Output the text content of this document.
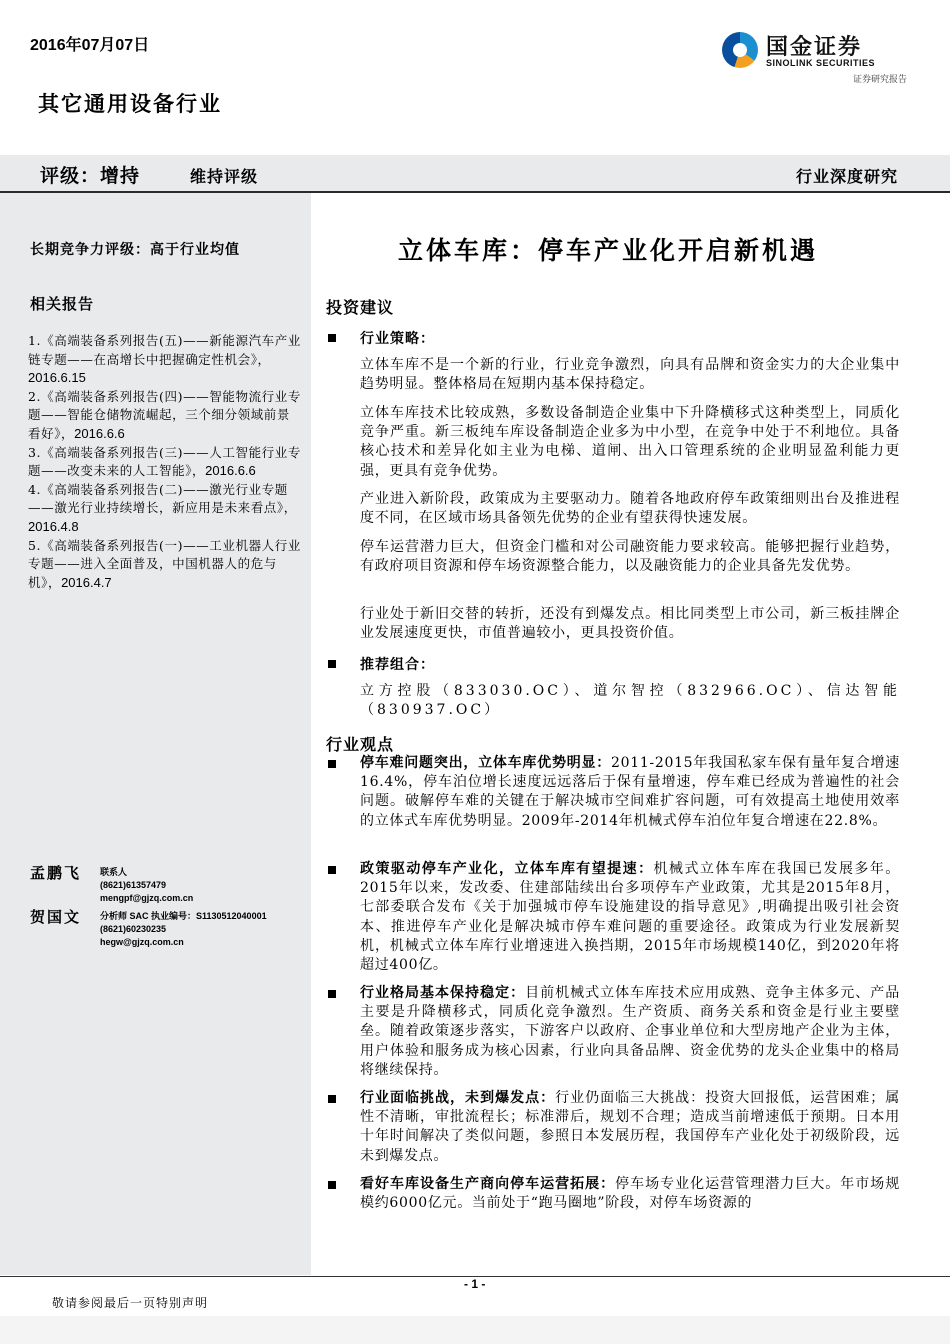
2016年07月07日	国金证券
SINOLINK SECURITIES
证券研究报告
其它通用设备行业
评级：增持	维持评级	行业深度研究
长期竞争力评级：高于行业均值
相关报告
1.《高端装备系列报告(五)——新能源汽车产业链专题——在高增长中把握确定性机会》，2016.6.15
2.《高端装备系列报告(四)——智能物流行业专题——智能仓储物流崛起，三个细分领域前景看好》，2016.6.6
3.《高端装备系列报告(三)——人工智能行业专题——改变未来的人工智能》，2016.6.6
4.《高端装备系列报告(二)——激光行业专题——激光行业持续增长，新应用是未来看点》，2016.4.8
5.《高端装备系列报告(一)——工业机器人行业专题——进入全面普及，中国机器人的危与机》，2016.4.7
孟鹏飞 联系人
(8621)61357479
mengpf@gjzq.com.cn
贺国文 分析师 SAC 执业编号：S1130512040001
(8621)60230235
hegw@gjzq.com.cn
立体车库：停车产业化开启新机遇
投资建议
行业策略：
立体车库不是一个新的行业，行业竞争激烈，向具有品牌和资金实力的大企业集中趋势明显。整体格局在短期内基本保持稳定。
立体车库技术比较成熟，多数设备制造企业集中下升降横移式这种类型上，同质化竞争严重。新三板纯车库设备制造企业多为中小型，在竞争中处于不利地位。具备核心技术和差异化如主业为电梯、道闸、出入口管理系统的企业明显盈利能力更强，更具有竞争优势。
产业进入新阶段，政策成为主要驱动力。随着各地政府停车政策细则出台及推进程度不同，在区域市场具备领先优势的企业有望获得快速发展。
停车运营潜力巨大，但资金门槛和对公司融资能力要求较高。能够把握行业趋势，有政府项目资源和停车场资源整合能力，以及融资能力的企业具备先发优势。
行业处于新旧交替的转折，还没有到爆发点。相比同类型上市公司，新三板挂牌企业发展速度更快，市值普遍较小，更具投资价值。
推荐组合：
立方控股（833030.OC）、道尔智控（832966.OC）、信达智能（830937.OC）
行业观点
停车难问题突出，立体车库优势明显：2011-2015年我国私家车保有量年复合增速16.4%，停车泊位增长速度远远落后于保有量增速，停车难已经成为普遍性的社会问题。破解停车难的关键在于解决城市空间难扩容问题，可有效提高土地使用效率的立体式车库优势明显。2009年-2014年机械式停车泊位年复合增速在22.8%。
政策驱动停车产业化，立体车库有望提速：机械式立体车库在我国已发展多年。2015年以来，发改委、住建部陆续出台多项停车产业政策，尤其是2015年8月，七部委联合发布《关于加强城市停车设施建设的指导意见》,明确提出吸引社会资本、推进停车产业化是解决城市停车难问题的重要途径。政策成为行业发展新契机，机械式立体车库行业增速进入换挡期，2015年市场规模140亿，到2020年将超过400亿。
行业格局基本保持稳定：目前机械式立体车库技术应用成熟、竞争主体多元、产品主要是升降横移式，同质化竞争激烈。生产资质、商务关系和资金是行业主要壁垒。随着政策逐步落实，下游客户以政府、企事业单位和大型房地产企业为主体，用户体验和服务成为核心因素，行业向具备品牌、资金优势的龙头企业集中的格局将继续保持。
行业面临挑战，未到爆发点：行业仍面临三大挑战：投资大回报低，运营困难；属性不清晰，审批流程长；标准滞后，规划不合理；造成当前增速低于预期。日本用十年时间解决了类似问题，参照日本发展历程，我国停车产业化处于初级阶段，远未到爆发点。
看好车库设备生产商向停车运营拓展：停车场专业化运营管理潜力巨大。年市场规模约6000亿元。当前处于“跑马圈地”阶段，对停车场资源的
- 1 -
敬请参阅最后一页特别声明
